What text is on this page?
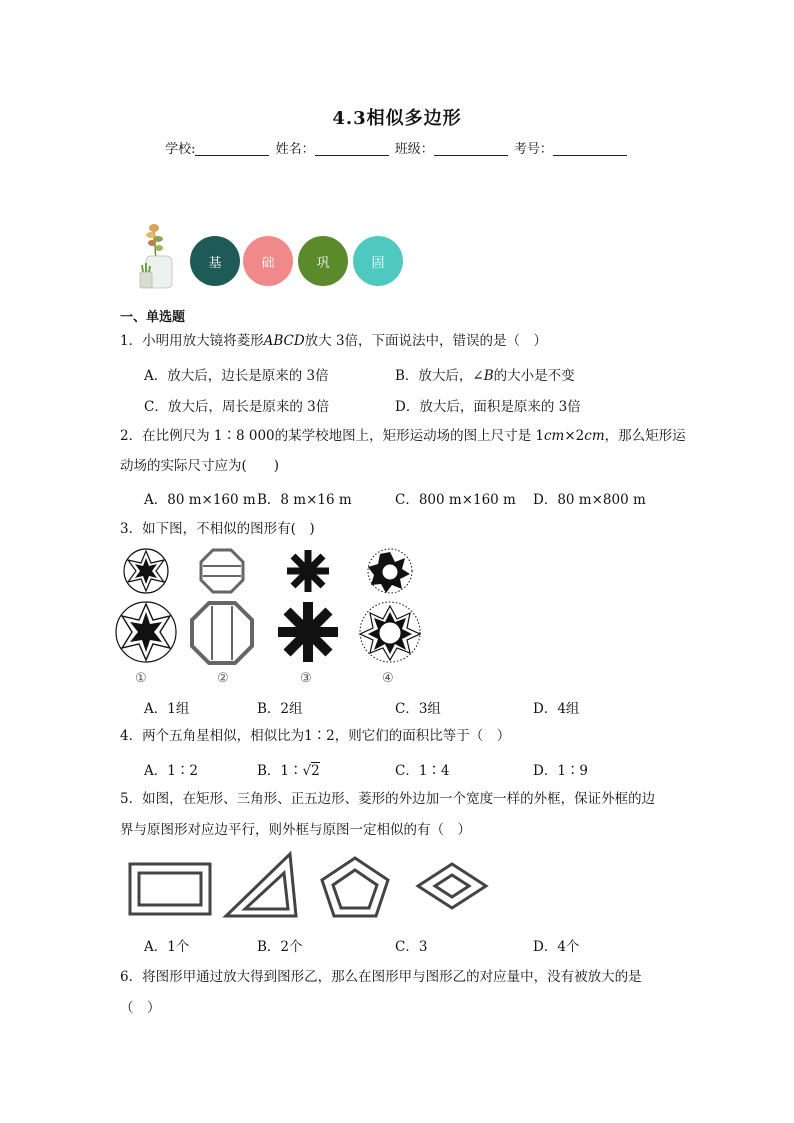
4.3相似多边形
学校:	姓名：	班级：	考号：
基	础	巩	固
一、单选题
1．小明用放大镜将菱形ABCD放大 3倍，下面说法中，错误的是（　）
A．放大后，边长是原来的 3倍	B．放大后，∠B的大小是不变
C．放大后，周长是原来的 3倍	D．放大后，面积是原来的 3倍
2．在比例尺为 1∶8 000的某学校地图上，矩形运动场的图上尺寸是 1cm×2cm，那么矩形运
动场的实际尺寸应为(　　)
A．80 m×160 m B．8 m×16 m	C．800 m×160 m D．80 m×800 m
3．如下图，不相似的图形有(　)
①	②	③	④
A．1组	B．2组	C．3组	D．4组
4．两个五角星相似，相似比为1∶2，则它们的面积比等于（　）
A．1∶2	B．1∶√2	C．1∶4	D．1∶9
5．如图，在矩形、三角形、正五边形、菱形的外边加一个宽度一样的外框，保证外框的边
界与原图形对应边平行，则外框与原图一定相似的有（　）
A．1个	B．2个	C．3	D．4个
6．将图形甲通过放大得到图形乙，那么在图形甲与图形乙的对应量中，没有被放大的是
（　）
